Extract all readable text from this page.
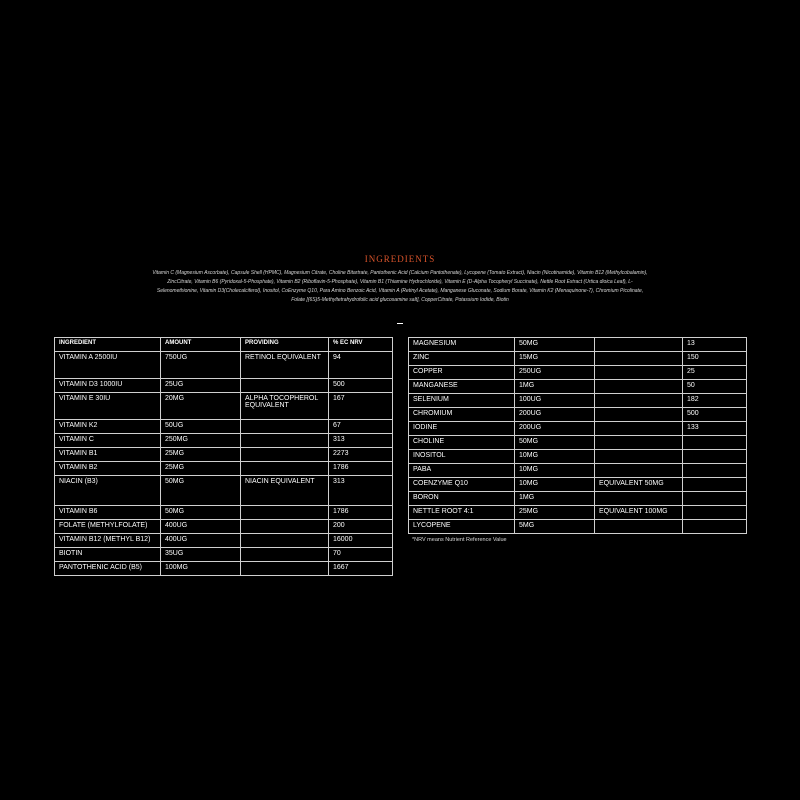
INGREDIENTS
Vitamin C (Magnesium Ascorbate), Capsule Shell (HPMC), Magnesium Citrate, Choline Bitartrate, Pantothenic Acid (Calcium Pantothenate), Lycopene (Tomato Extract), Niacin (Nicotinamide), Vitamin B12 (Methylcobalamin), ZincCitrate, Vitamin B6 (Pyridoxal-5-Phosphate), Vitamin B2 (Riboflavin-5-Phosphate), Vitamin B1 (Thiamine Hydrochloride), Vitamin E (D-Alpha Tocopheryl Succinate), Nettle Root Extract (Urtica dioica Leaf), L-Selenomethionine, Vitamin D3(Cholecalciferol), Inositol, CoEnzyme Q10, Para Amino Benzoic Acid, Vitamin A (Retinyl Acetate), Manganese Gluconate, Sodium Borate, Vitamin K2 (Menaquinone-7), Chromium Picolinate, Folate [(6S)5-Methyltetrahydrofolic acid glucosamine salt], CopperCitrate, Potassium Iodide, Biotin
INGREDIENT	AMOUNT	PROVIDING	% EC NRV
VITAMIN A 2500IU	750UG	RETINOL EQUIVALENT	94
VITAMIN D3 1000IU	25UG		500
VITAMIN E 30IU	20MG	ALPHA TOCOPHEROL EQUIVALENT	167
VITAMIN K2	50UG		67
VITAMIN C	250MG		313
VITAMIN B1	25MG		2273
VITAMIN B2	25MG		1786
NIACIN (B3)	50MG	NIACIN EQUIVALENT	313
VITAMIN B6	50MG		1786
FOLATE (METHYLFOLATE)	400UG		200
VITAMIN B12 (METHYL B12)	400UG		16000
BIOTIN	35UG		70
PANTOTHENIC ACID (B5)	100MG		1667
MAGNESIUM	50MG		13
ZINC	15MG		150
COPPER	250UG		25
MANGANESE	1MG		50
SELENIUM	100UG		182
CHROMIUM	200UG		500
IODINE	200UG		133
CHOLINE	50MG		
INOSITOL	10MG		
PABA	10MG		
COENZYME Q10	10MG	EQUIVALENT 50MG	
BORON	1MG		
NETTLE ROOT 4:1	25MG	EQUIVALENT 100MG	
LYCOPENE	5MG		
*NRV means Nutrient Reference Value
